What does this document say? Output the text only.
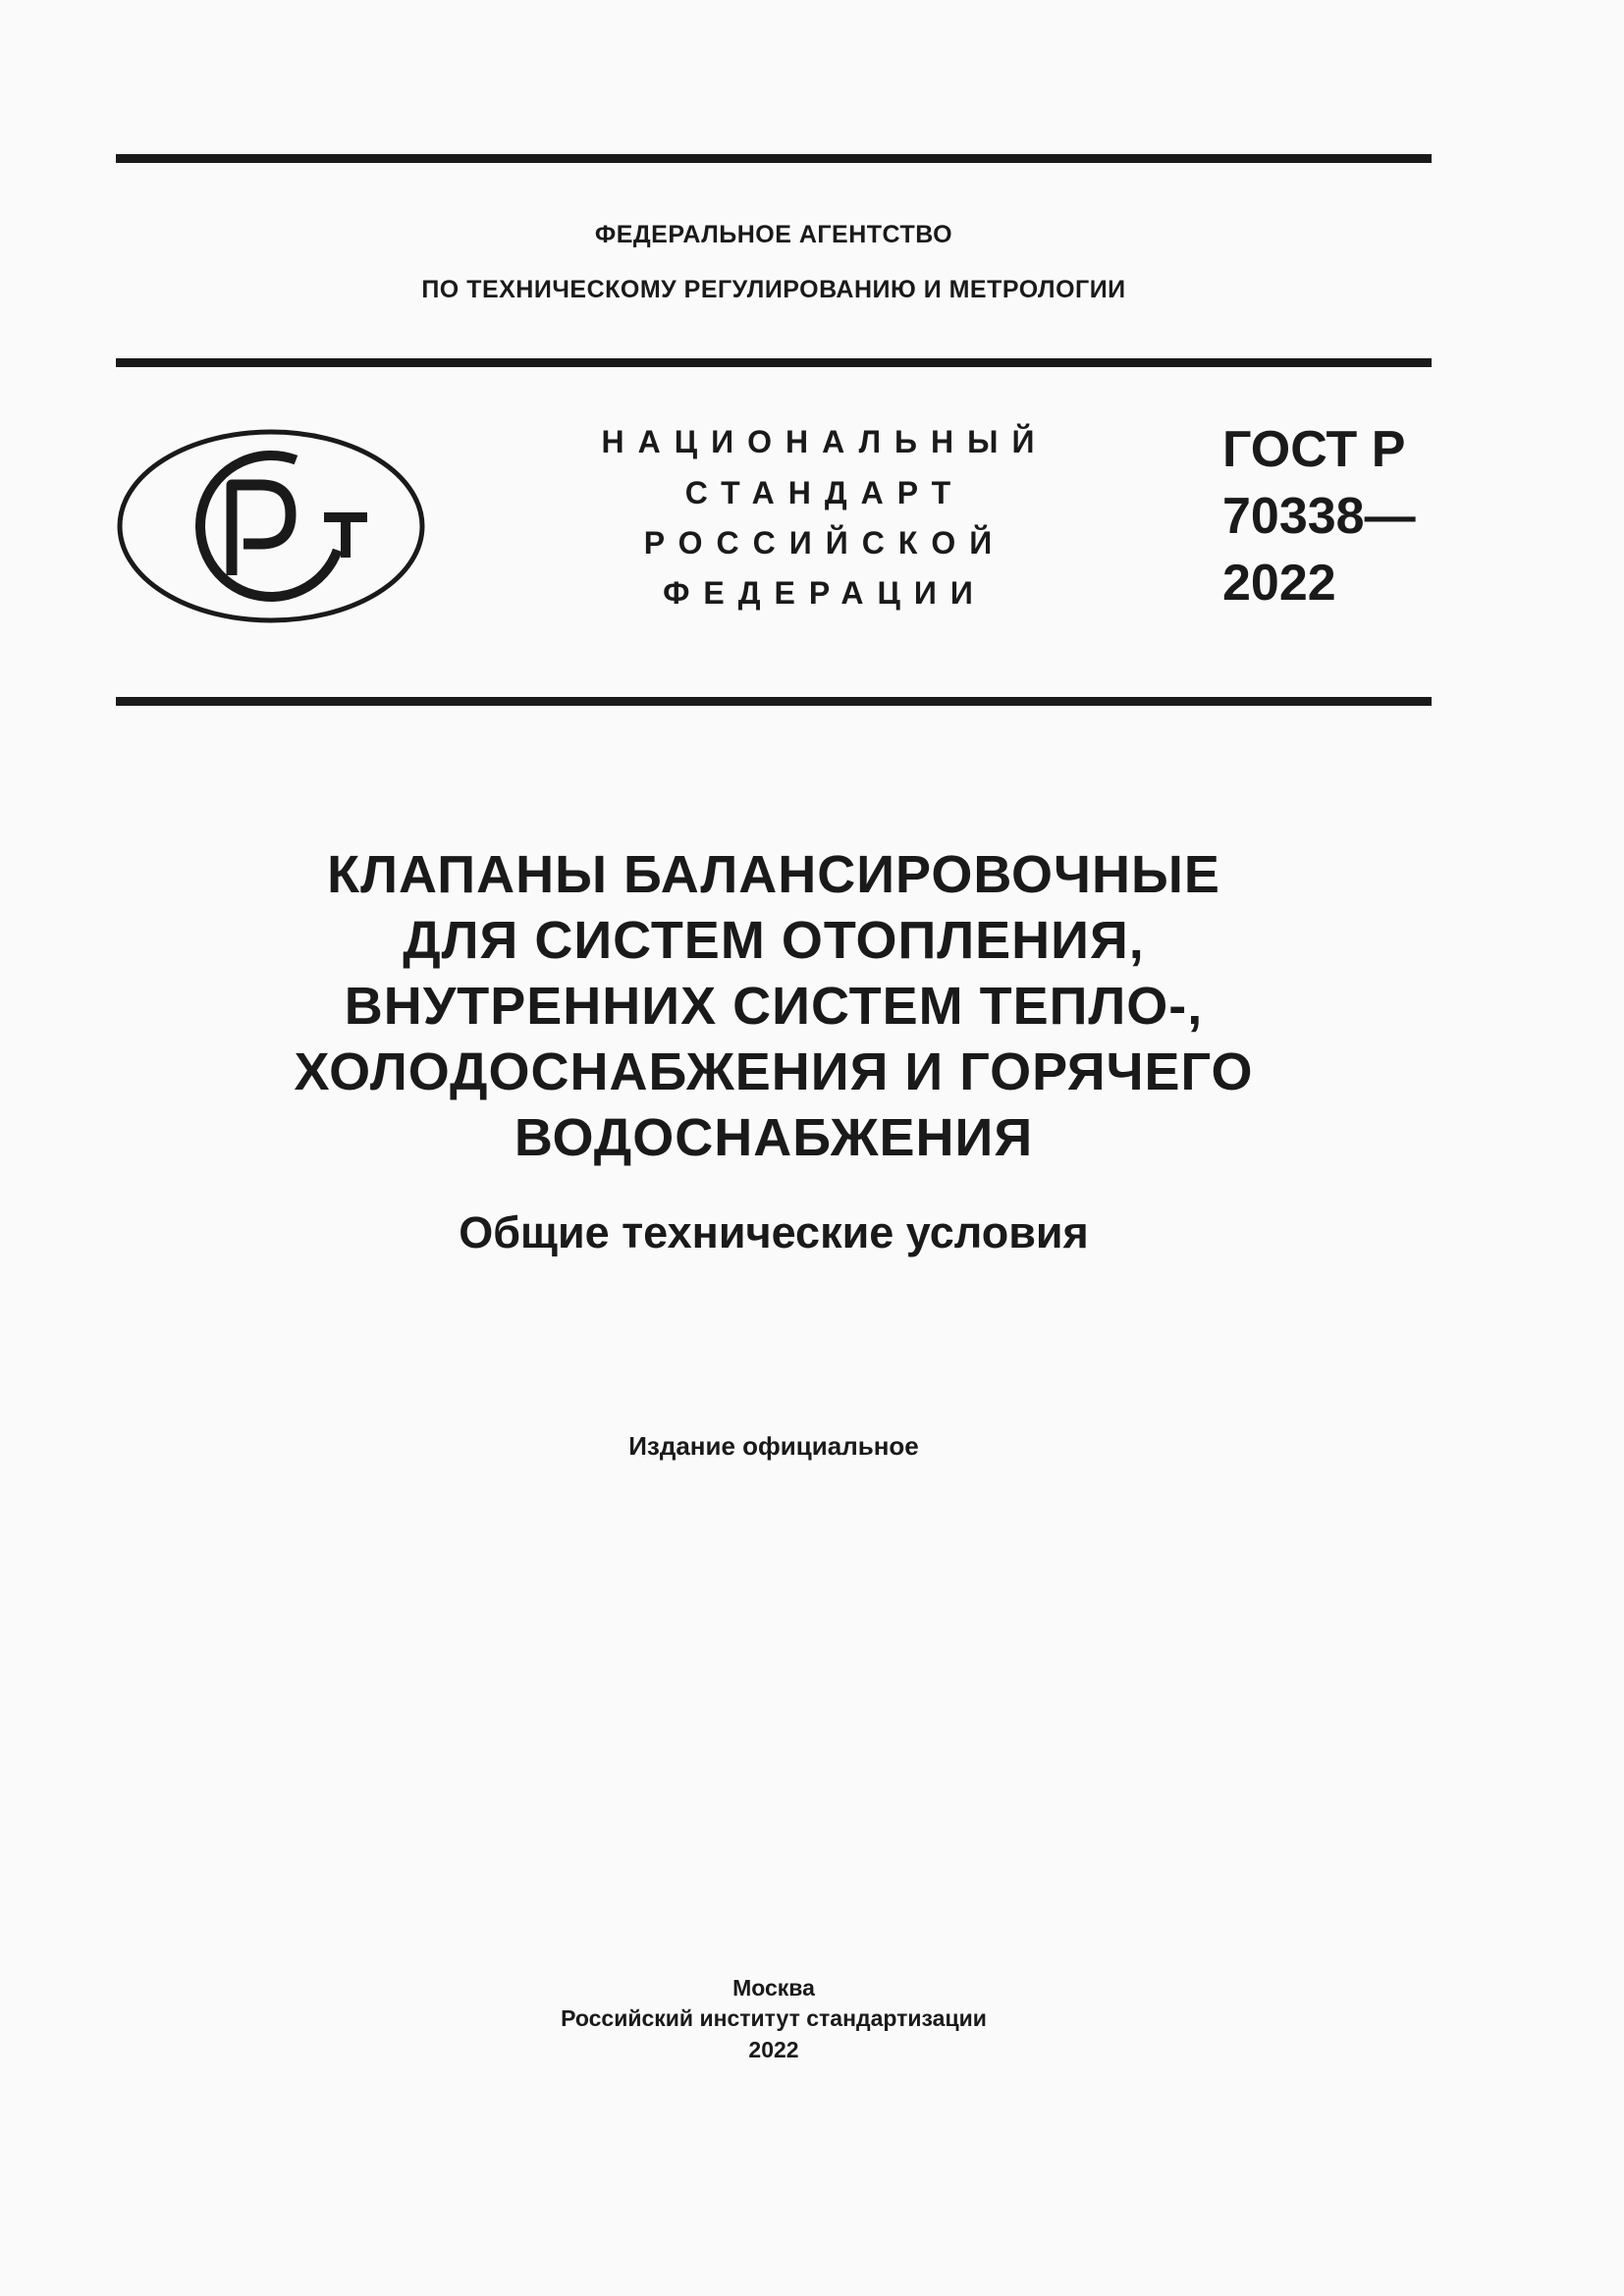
ФЕДЕРАЛЬНОЕ АГЕНТСТВО
ПО ТЕХНИЧЕСКОМУ РЕГУЛИРОВАНИЮ И МЕТРОЛОГИИ
НАЦИОНАЛЬНЫЙ
СТАНДАРТ
РОССИЙСКОЙ
ФЕДЕРАЦИИ
ГОСТ Р
70338—
2022
КЛАПАНЫ БАЛАНСИРОВОЧНЫЕ
ДЛЯ СИСТЕМ ОТОПЛЕНИЯ,
ВНУТРЕННИХ СИСТЕМ ТЕПЛО-,
ХОЛОДОСНАБЖЕНИЯ И ГОРЯЧЕГО
ВОДОСНАБЖЕНИЯ
Общие технические условия
Издание официальное
Москва
Российский институт стандартизации
2022
